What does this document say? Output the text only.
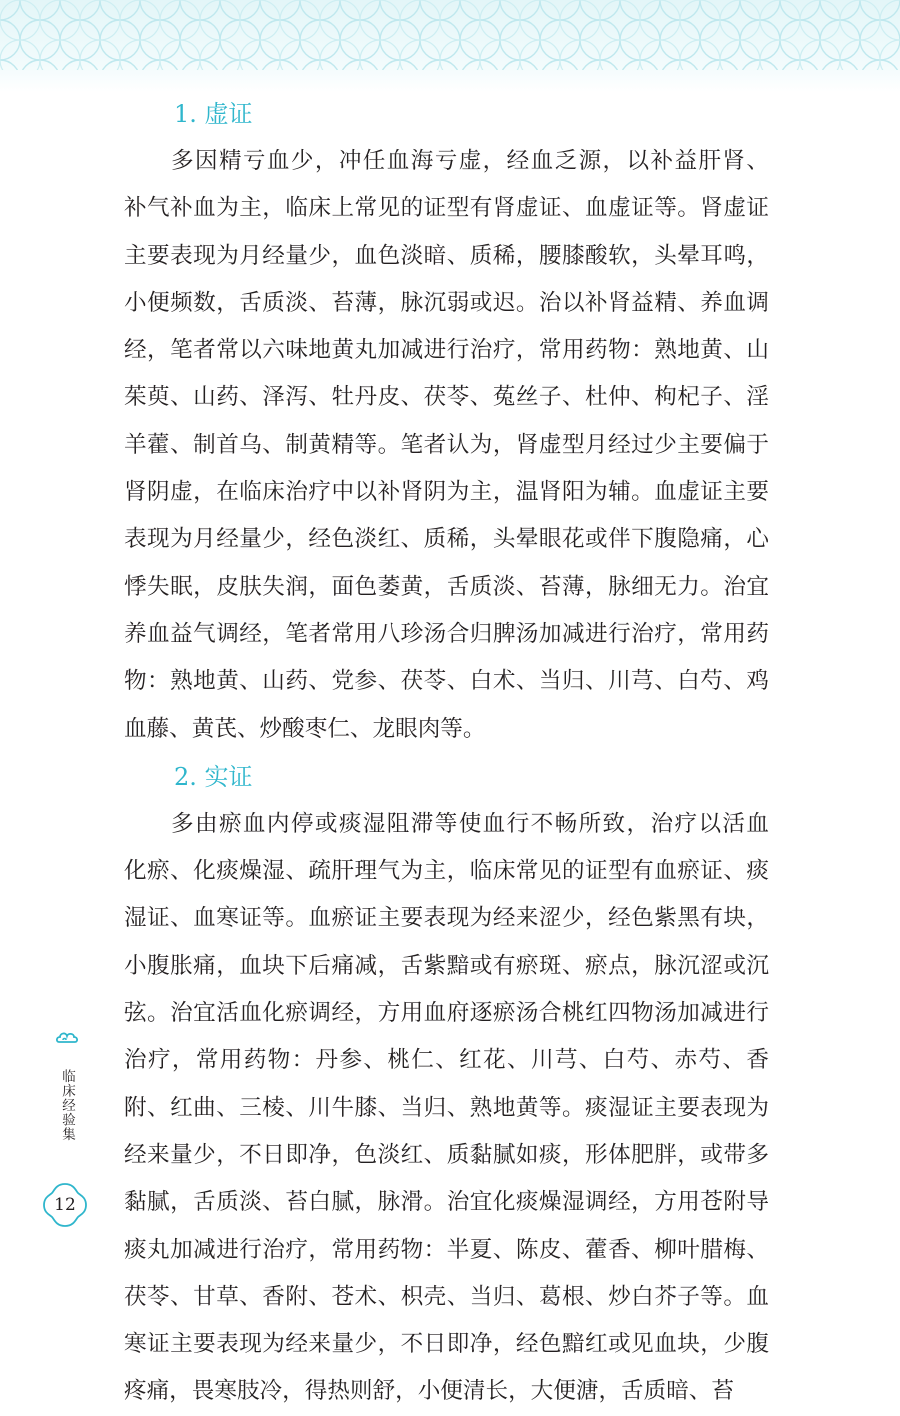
1. 虚证
多因精亏血少，冲任血海亏虚，经血乏源，以补益肝肾、
补气补血为主，临床上常见的证型有肾虚证、血虚证等。肾虚证
主要表现为月经量少，血色淡暗、质稀，腰膝酸软，头晕耳鸣，
小便频数，舌质淡、苔薄，脉沉弱或迟。治以补肾益精、养血调
经，笔者常以六味地黄丸加减进行治疗，常用药物：熟地黄、山
茱萸、山药、泽泻、牡丹皮、茯苓、菟丝子、杜仲、枸杞子、淫
羊藿、制首乌、制黄精等。笔者认为，肾虚型月经过少主要偏于
肾阴虚，在临床治疗中以补肾阴为主，温肾阳为辅。血虚证主要
表现为月经量少，经色淡红、质稀，头晕眼花或伴下腹隐痛，心
悸失眠，皮肤失润，面色萎黄，舌质淡、苔薄，脉细无力。治宜
养血益气调经，笔者常用八珍汤合归脾汤加减进行治疗，常用药
物：熟地黄、山药、党参、茯苓、白术、当归、川芎、白芍、鸡
血藤、黄芪、炒酸枣仁、龙眼肉等。
2. 实证
多由瘀血内停或痰湿阻滞等使血行不畅所致，治疗以活血
化瘀、化痰燥湿、疏肝理气为主，临床常见的证型有血瘀证、痰
湿证、血寒证等。血瘀证主要表现为经来涩少，经色紫黑有块，
小腹胀痛，血块下后痛减，舌紫黯或有瘀斑、瘀点，脉沉涩或沉
弦。治宜活血化瘀调经，方用血府逐瘀汤合桃红四物汤加减进行
治疗，常用药物：丹参、桃仁、红花、川芎、白芍、赤芍、香
附、红曲、三棱、川牛膝、当归、熟地黄等。痰湿证主要表现为
经来量少，不日即净，色淡红、质黏腻如痰，形体肥胖，或带多
黏腻，舌质淡、苔白腻，脉滑。治宜化痰燥湿调经，方用苍附导
痰丸加减进行治疗，常用药物：半夏、陈皮、藿香、柳叶腊梅、
茯苓、甘草、香附、苍术、枳壳、当归、葛根、炒白芥子等。血
寒证主要表现为经来量少，不日即净，经色黯红或见血块，少腹
疼痛，畏寒肢冷，得热则舒，小便清长，大便溏，舌质暗、苔
临床经验集
12
